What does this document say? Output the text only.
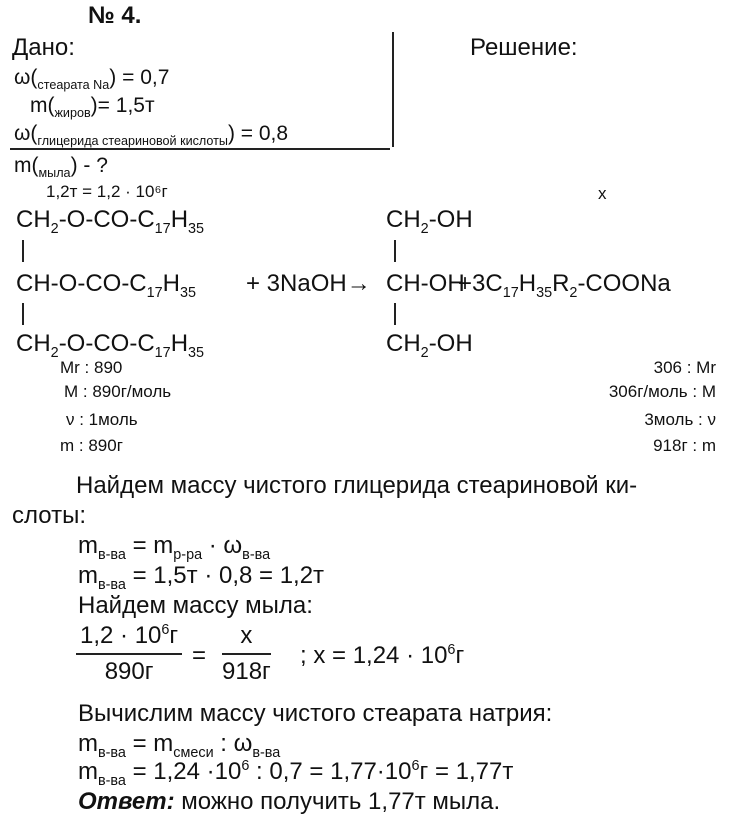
№ 4.
Дано:	Решение:
$\omega(_{стеарата Na}) = 0,7$
$m(_{жиров})= 1,5т$
$\omega(_{глицерида стеариновой кислоты}) = 0,8$
$m(_{мыла})$ - ?
1,2т = 1,2 · 10⁶г	x
$CH_2-O-CO-C_{17}H_{35}$
$CH-O-CO-C_{17}H_{35}$
$CH_2-O-CO-C_{17}H_{35}$
+ 3NaOH→
$CH_2-OH$
CH-OH
$CH_2-OH$
$+3C_{17}H_{35}R_2$-COONa
Mr : 890
M : 890г/моль
ν : 1моль
m : 890г
306 : Mr
306г/моль : M
3моль : ν
918г : m
Найдем массу чистого глицерида стеариновой ки-
слоты:
$m_{в-ва} = m_{р-ра} \cdot \omega_{в-ва}$
$m_{в-ва} = 1,5т \cdot 0,8 = 1,2т$
Найдем массу мыла:
$1,2 \cdot 10^6г$
890г
=
x
918г
; $x = 1,24 \cdot 10^6г$
Вычислим массу чистого стеарата натрия:
$m_{в-ва} = m_{смеси}$ : $\omega_{в-ва}$
$m_{в-ва} = 1,24 \cdot 10^6$ : $0,7 = 1,77\cdot 10^6г = 1,77т$
Ответ: можно получить 1,77т мыла.
